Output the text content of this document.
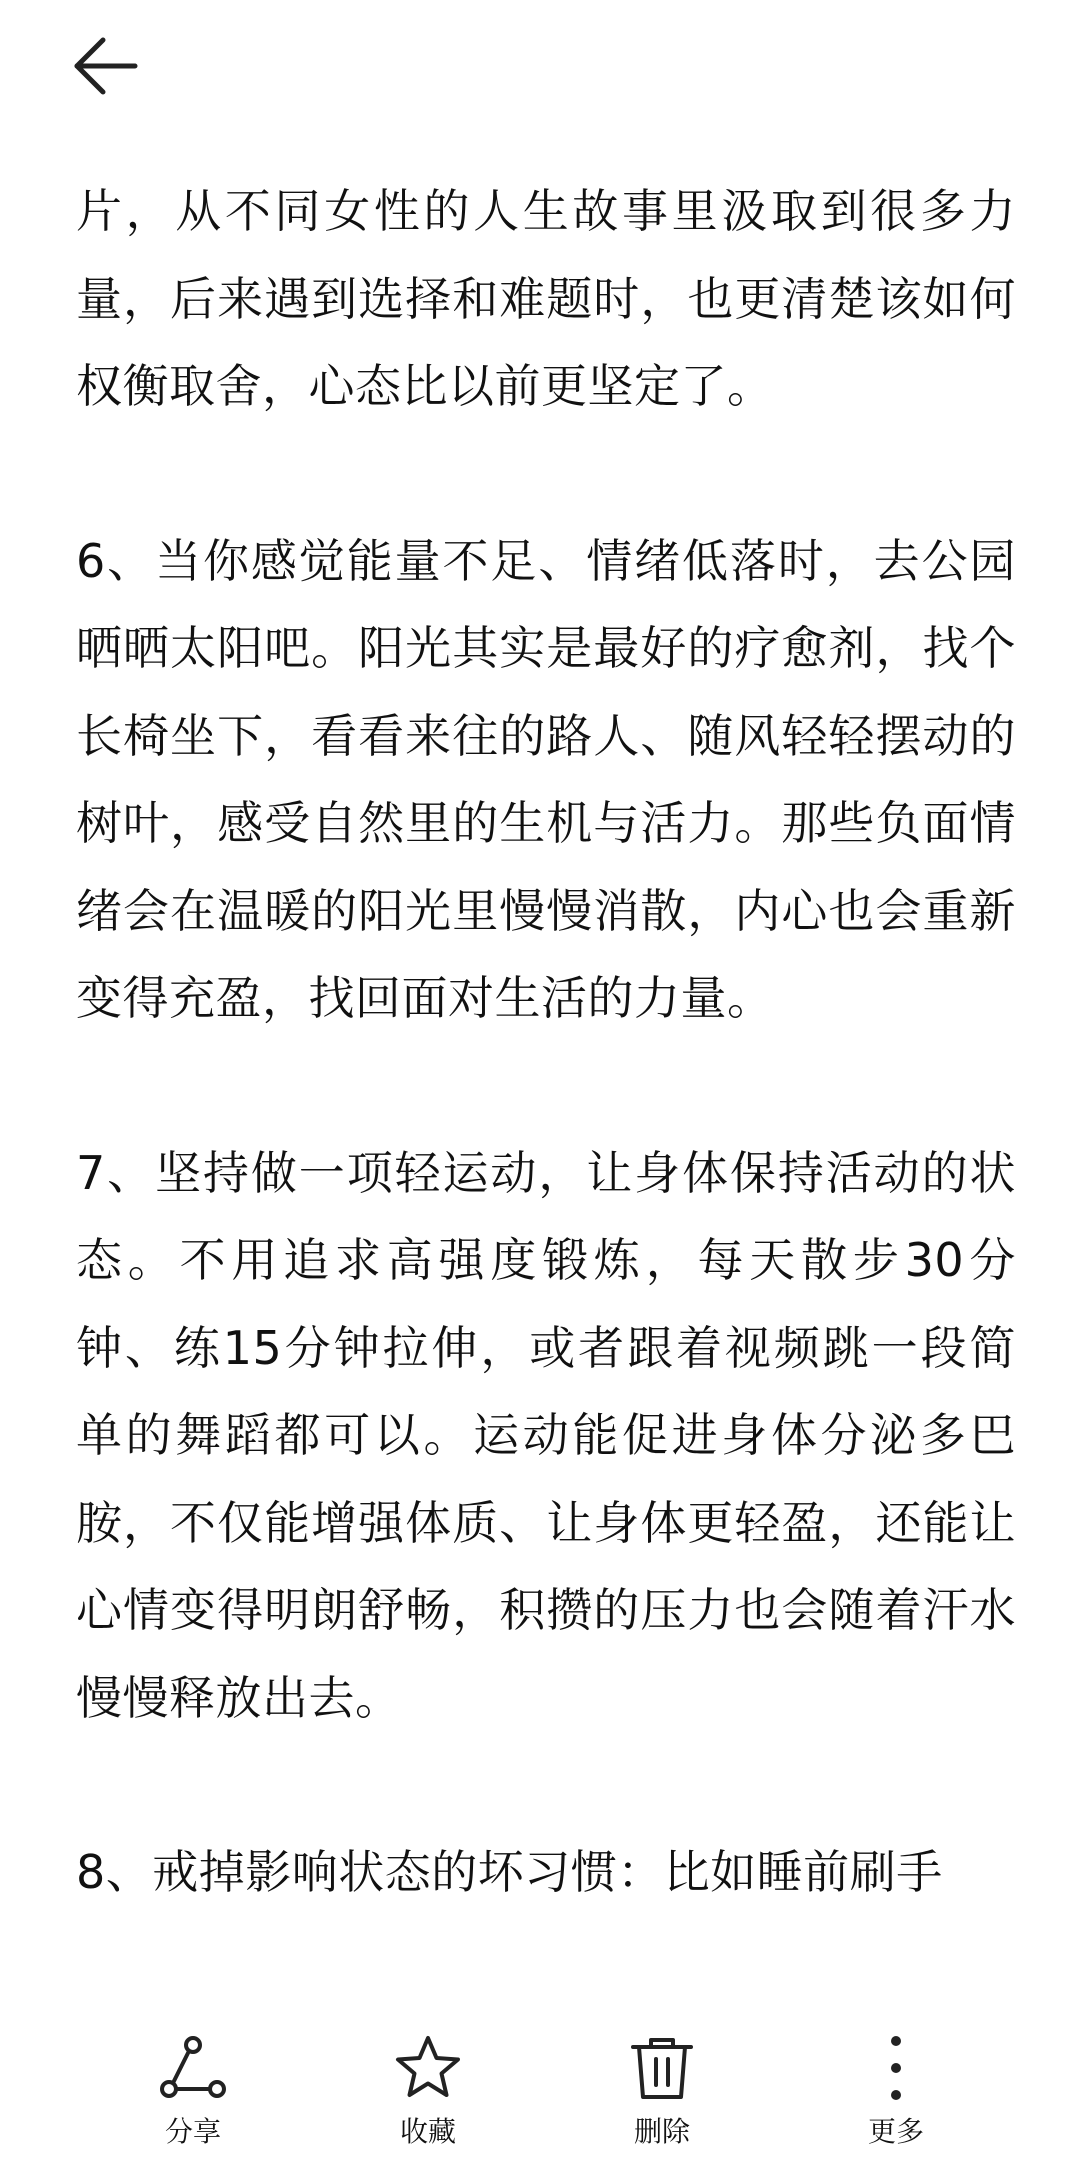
片，从不同女性的人生故事里汲取到很多力量，后来遇到选择和难题时，也更清楚该如何权衡取舍，心态比以前更坚定了。

6、当你感觉能量不足、情绪低落时，去公园晒晒太阳吧。阳光其实是最好的疗愈剂，找个长椅坐下，看看来往的路人、随风轻轻摆动的树叶，感受自然里的生机与活力。那些负面情绪会在温暖的阳光里慢慢消散，内心也会重新变得充盈，找回面对生活的力量。

7、坚持做一项轻运动，让身体保持活动的状态。不用追求高强度锻炼，每天散步30分钟、练15分钟拉伸，或者跟着视频跳一段简单的舞蹈都可以。运动能促进身体分泌多巴胺，不仅能增强体质、让身体更轻盈，还能让心情变得明朗舒畅，积攒的压力也会随着汗水慢慢释放出去。

8、戒掉影响状态的坏习惯：比如睡前刷手

分享	收藏	删除	更多
